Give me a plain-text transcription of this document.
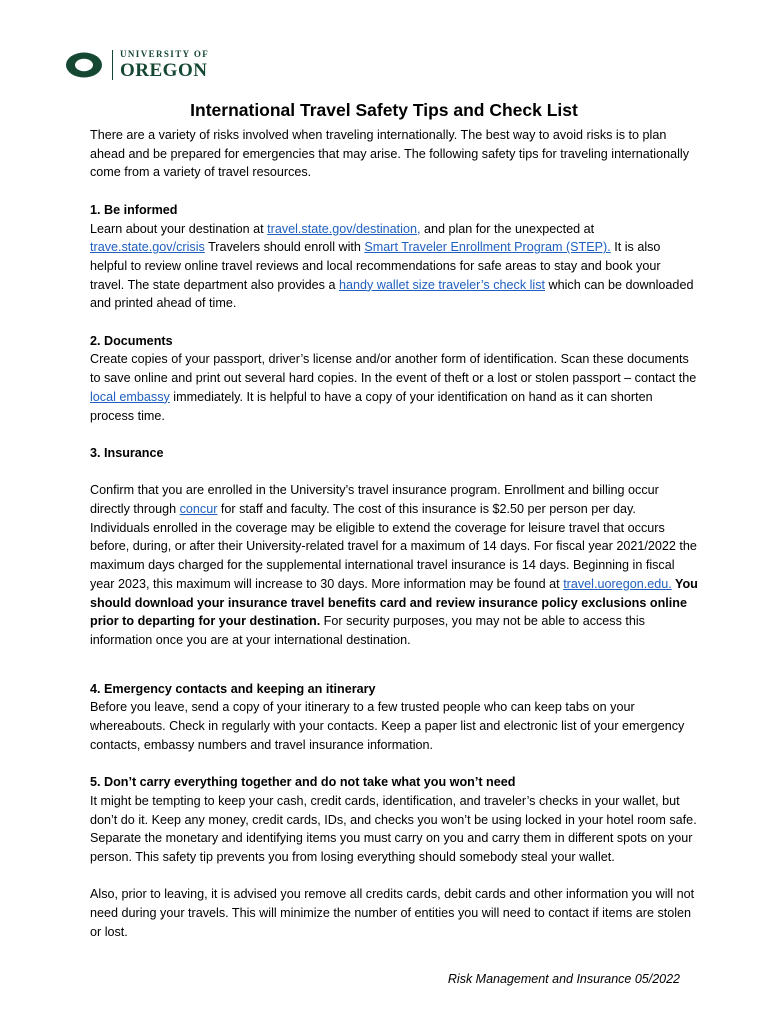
UNIVERSITY OF
OREGON
International Travel Safety Tips and Check List

There are a variety of risks involved when traveling internationally. The best way to avoid risks is to plan ahead and be prepared for emergencies that may arise. The following safety tips for traveling internationally come from a variety of travel resources.

1. Be informed

Learn about your destination at travel.state.gov/destination, and plan for the unexpected at trave.state.gov/crisis Travelers should enroll with Smart Traveler Enrollment Program (STEP). It is also helpful to review online travel reviews and local recommendations for safe areas to stay and book your travel. The state department also provides a handy wallet size traveler’s check list which can be downloaded and printed ahead of time.

2. Documents

Create copies of your passport, driver’s license and/or another form of identification. Scan these documents to save online and print out several hard copies. In the event of theft or a lost or stolen passport – contact the local embassy immediately. It is helpful to have a copy of your identification on hand as it can shorten process time.

3. Insurance

Confirm that you are enrolled in the University’s travel insurance program. Enrollment and billing occur directly through concur for staff and faculty. The cost of this insurance is $2.50 per person per day. Individuals enrolled in the coverage may be eligible to extend the coverage for leisure travel that occurs before, during, or after their University-related travel for a maximum of 14 days. For fiscal year 2021/2022 the maximum days charged for the supplemental international travel insurance is 14 days. Beginning in fiscal year 2023, this maximum will increase to 30 days. More information may be found at travel.uoregon.edu. You should download your insurance travel benefits card and review insurance policy exclusions online prior to departing for your destination. For security purposes, you may not be able to access this information once you are at your international destination.

4. Emergency contacts and keeping an itinerary

Before you leave, send a copy of your itinerary to a few trusted people who can keep tabs on your whereabouts. Check in regularly with your contacts. Keep a paper list and electronic list of your emergency contacts, embassy numbers and travel insurance information.

5. Don’t carry everything together and do not take what you won’t need

It might be tempting to keep your cash, credit cards, identification, and traveler’s checks in your wallet, but don’t do it. Keep any money, credit cards, IDs, and checks you won’t be using locked in your hotel room safe. Separate the monetary and identifying items you must carry on you and carry them in different spots on your person. This safety tip prevents you from losing everything should somebody steal your wallet.

Also, prior to leaving, it is advised you remove all credits cards, debit cards and other information you will not need during your travels. This will minimize the number of entities you will need to contact if items are stolen or lost.

Risk Management and Insurance 05/2022
